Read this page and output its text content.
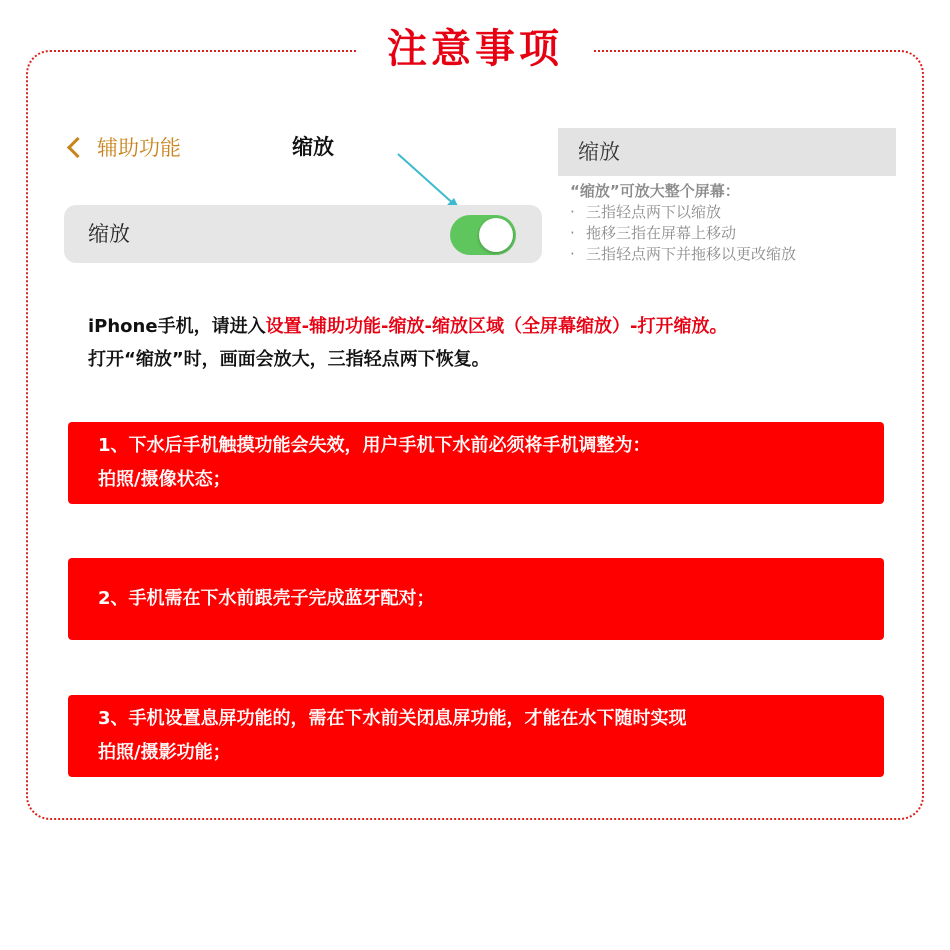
注意事项
辅助功能	缩放
缩放
缩放
“缩放”可放大整个屏幕：
· 三指轻点两下以缩放
· 拖移三指在屏幕上移动
· 三指轻点两下并拖移以更改缩放
iPhone手机，请进入设置-辅助功能-缩放-缩放区域（全屏幕缩放）-打开缩放。
打开“缩放”时，画面会放大，三指轻点两下恢复。
1、下水后手机触摸功能会失效，用户手机下水前必须将手机调整为：
拍照/摄像状态；
2、手机需在下水前跟壳子完成蓝牙配对；
3、手机设置息屏功能的，需在下水前关闭息屏功能，才能在水下随时实现
拍照/摄影功能；
